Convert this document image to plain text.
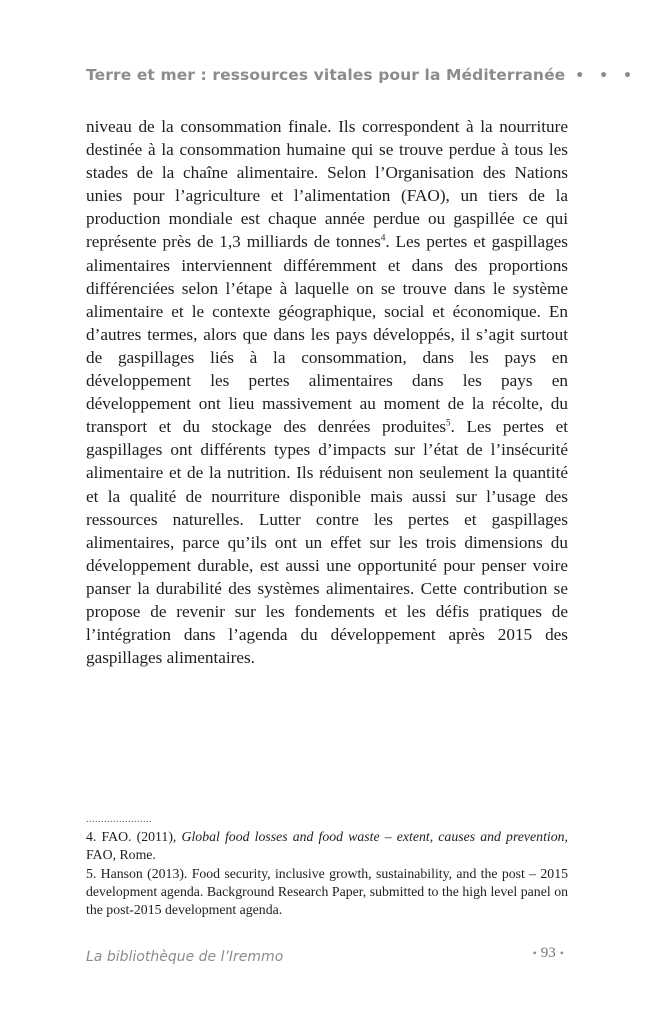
Terre et mer : ressources vitales pour la Méditerranée • • •

niveau de la consommation finale. Ils correspondent à la nourriture destinée à la consommation humaine qui se trouve perdue à tous les stades de la chaîne alimentaire. Selon l’Organisation des Nations unies pour l’agriculture et l’alimentation (FAO), un tiers de la production mondiale est chaque année perdue ou gaspillée ce qui représente près de 1,3 milliards de tonnes$^4$. Les pertes et gaspillages alimentaires interviennent différemment et dans des proportions différenciées selon l’étape à laquelle on se trouve dans le système alimentaire et le contexte géographique, social et économique. En d’autres termes, alors que dans les pays développés, il s’agit surtout de gaspillages liés à la consommation, dans les pays en développement les pertes alimentaires dans les pays en développement ont lieu massivement au moment de la récolte, du transport et du stockage des denrées produites$^5$. Les pertes et gaspillages ont différents types d’impacts sur l’état de l’insécurité alimentaire et de la nutrition. Ils réduisent non seulement la quantité et la qualité de nourriture disponible mais aussi sur l’usage des ressources naturelles. Lutter contre les pertes et gaspillages alimentaires, parce qu’ils ont un effet sur les trois dimensions du développement durable, est aussi une opportunité pour penser voire panser la durabilité des systèmes alimentaires. Cette contribution se propose de revenir sur les fondements et les défis pratiques de l’intégration dans l’agenda du développement après 2015 des gaspillages alimentaires.

......................

4. FAO. (2011), Global food losses and food waste – extent, causes and prevention, FAO, Rome.

5. Hanson (2013). Food security, inclusive growth, sustainability, and the post – 2015 development agenda. Background Research Paper, submitted to the high level panel on the post-2015 development agenda.

La bibliothèque de l’Iremmo	• 93 •
